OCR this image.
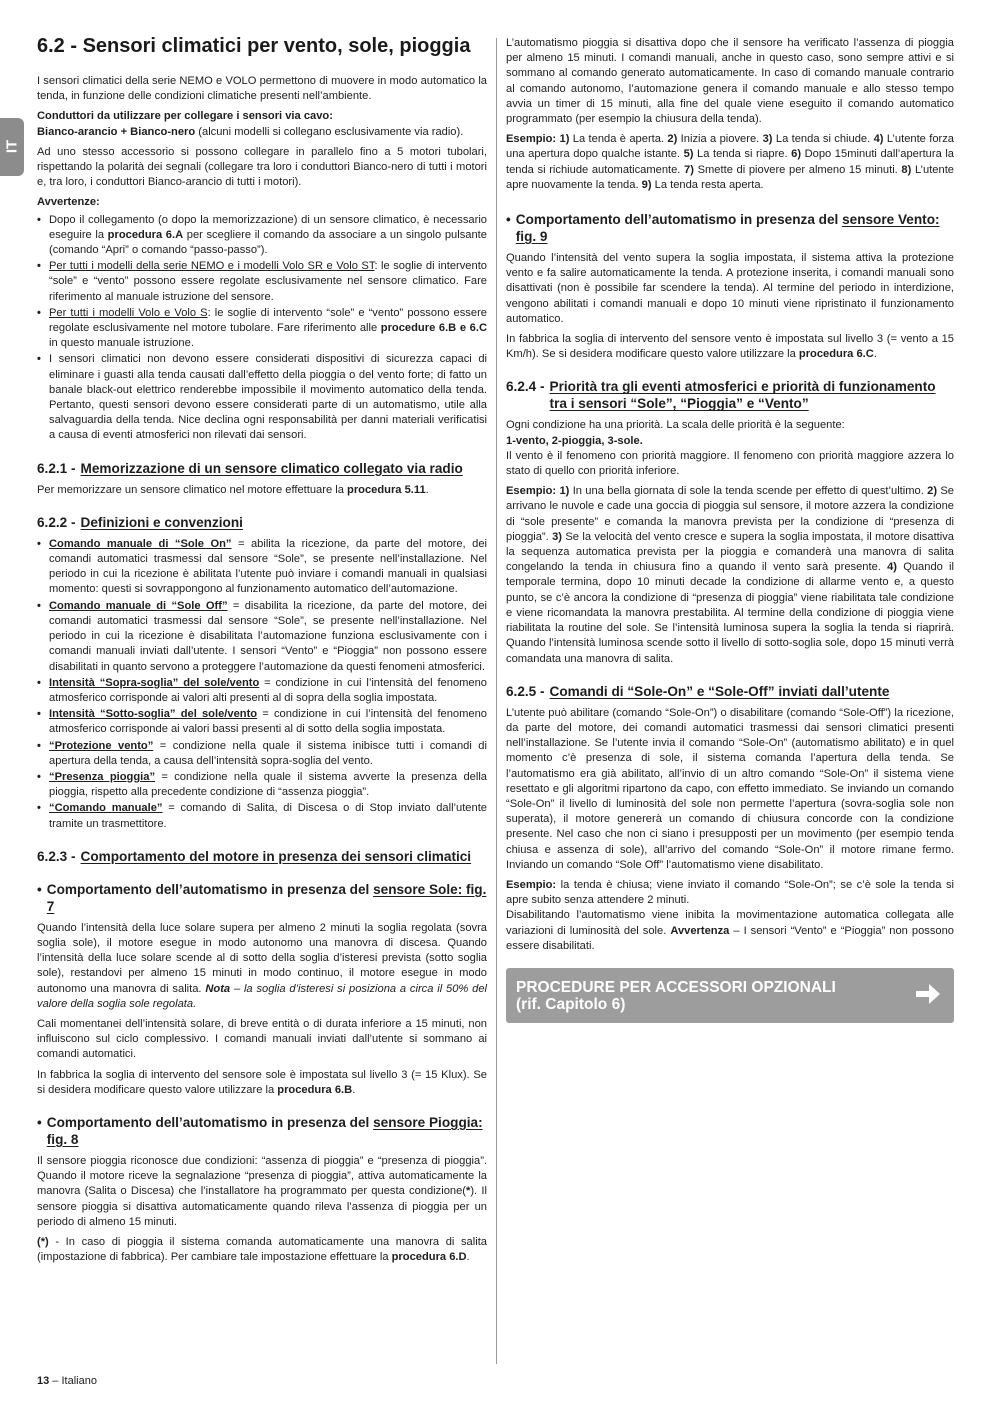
IT
6.2 - Sensori climatici per vento, sole, pioggia

I sensori climatici della serie NEMO e VOLO permettono di muovere in modo automatico la tenda, in funzione delle condizioni climatiche presenti nell’ambiente.

Conduttori da utilizzare per collegare i sensori via cavo:
Bianco-arancio + Bianco-nero (alcuni modelli si collegano esclusivamente via radio).

Ad uno stesso accessorio si possono collegare in parallelo fino a 5 motori tubolari, rispettando la polarità dei segnali (collegare tra loro i conduttori Bianco-nero di tutti i motori e, tra loro, i conduttori Bianco-arancio di tutti i motori).

Avvertenze:

• Dopo il collegamento (o dopo la memorizzazione) di un sensore climatico, è necessario eseguire la procedura 6.A per scegliere il comando da associare a un singolo pulsante (comando “Apri” o comando “passo-passo”).
• Per tutti i modelli della serie NEMO e i modelli Volo SR e Volo ST: le soglie di intervento “sole” e “vento” possono essere regolate esclusivamente nel sensore climatico. Fare riferimento al manuale istruzione del sensore.
• Per tutti i modelli Volo e Volo S: le soglie di intervento “sole” e “vento” possono essere regolate esclusivamente nel motore tubolare. Fare riferimento alle procedure 6.B e 6.C in questo manuale istruzione.
• I sensori climatici non devono essere considerati dispositivi di sicurezza capaci di eliminare i guasti alla tenda causati dall’effetto della pioggia o del vento forte; di fatto un banale black-out elettrico renderebbe impossibile il movimento automatico della tenda. Pertanto, questi sensori devono essere considerati parte di un automatismo, utile alla salvaguardia della tenda. Nice declina ogni responsabilità per danni materiali verificatisi a causa di eventi atmosferici non rilevati dai sensori.
6.2.1 - Memorizzazione di un sensore climatico collegato via radio

Per memorizzare un sensore climatico nel motore effettuare la procedura 5.11.

6.2.2 - Definizioni e convenzioni
• Comando manuale di “Sole On” = abilita la ricezione, da parte del motore, dei comandi automatici trasmessi dal sensore “Sole”, se presente nell’installazione. Nel periodo in cui la ricezione è abilitata l’utente può inviare i comandi manuali in qualsiasi momento: questi si sovrappongono al funzionamento automatico dell’automazione.
• Comando manuale di “Sole Off” = disabilita la ricezione, da parte del motore, dei comandi automatici trasmessi dal sensore “Sole”, se presente nell’installazione. Nel periodo in cui la ricezione è disabilitata l’automazione funziona esclusivamente con i comandi manuali inviati dall’utente. I sensori “Vento” e “Pioggia” non possono essere disabilitati in quanto servono a proteggere l’automazione da questi fenomeni atmosferici.
• Intensità “Sopra-soglia” del sole/vento = condizione in cui l’intensità del fenomeno atmosferico corrisponde ai valori alti presenti al di sopra della soglia impostata.
• Intensità “Sotto-soglia” del sole/vento = condizione in cui l’intensità del fenomeno atmosferico corrisponde ai valori bassi presenti al di sotto della soglia impostata.
• “Protezione vento” = condizione nella quale il sistema inibisce tutti i comandi di apertura della tenda, a causa dell’intensità sopra-soglia del vento.
• “Presenza pioggia” = condizione nella quale il sistema avverte la presenza della pioggia, rispetto alla precedente condizione di “assenza pioggia”.
• “Comando manuale” = comando di Salita, di Discesa o di Stop inviato dall’utente tramite un trasmettitore.
6.2.3 - Comportamento del motore in presenza dei sensori climatici
• Comportamento dell’automatismo in presenza del sensore Sole: fig. 7

Quando l’intensità della luce solare supera per almeno 2 minuti la soglia regolata (sovra soglia sole), il motore esegue in modo autonomo una manovra di discesa. Quando l’intensità della luce solare scende al di sotto della soglia d’isteresi prevista (sotto soglia sole), restandovi per almeno 15 minuti in modo continuo, il motore esegue in modo autonomo una manovra di salita. Nota – la soglia d’isteresi si posiziona a circa il 50% del valore della soglia sole regolata.

Cali momentanei dell’intensità solare, di breve entità o di durata inferiore a 15 minuti, non influiscono sul ciclo complessivo. I comandi manuali inviati dall’utente si sommano ai comandi automatici.

In fabbrica la soglia di intervento del sensore sole è impostata sul livello 3 (= 15 Klux). Se si desidera modificare questo valore utilizzare la procedura 6.B.

• Comportamento dell’automatismo in presenza del sensore Pioggia: fig. 8

Il sensore pioggia riconosce due condizioni: “assenza di pioggia” e “presenza di pioggia”. Quando il motore riceve la segnalazione “presenza di pioggia”, attiva automaticamente la manovra (Salita o Discesa) che l’installatore ha programmato per questa condizione(*). Il sensore pioggia si disattiva automaticamente quando rileva l’assenza di pioggia per un periodo di almeno 15 minuti.

(*) - In caso di pioggia il sistema comanda automaticamente una manovra di salita (impostazione di fabbrica). Per cambiare tale impostazione effettuare la procedura 6.D.

L’automatismo pioggia si disattiva dopo che il sensore ha verificato l’assenza di pioggia per almeno 15 minuti. I comandi manuali, anche in questo caso, sono sempre attivi e si sommano al comando generato automaticamente. In caso di comando manuale contrario al comando autonomo, l’automazione genera il comando manuale e allo stesso tempo avvia un timer di 15 minuti, alla fine del quale viene eseguito il comando automatico programmato (per esempio la chiusura della tenda).

Esempio: 1) La tenda è aperta. 2) Inizia a piovere. 3) La tenda si chiude. 4) L’utente forza una apertura dopo qualche istante. 5) La tenda si riapre. 6) Dopo 15minuti dall’apertura la tenda si richiude automaticamente. 7) Smette di piovere per almeno 15 minuti. 8) L’utente apre nuovamente la tenda. 9) La tenda resta aperta.

• Comportamento dell’automatismo in presenza del sensore Vento: fig. 9

Quando l’intensità del vento supera la soglia impostata, il sistema attiva la protezione vento e fa salire automaticamente la tenda. A protezione inserita, i comandi manuali sono disattivati (non è possibile far scendere la tenda). Al termine del periodo in interdizione, vengono abilitati i comandi manuali e dopo 10 minuti viene ripristinato il funzionamento automatico.

In fabbrica la soglia di intervento del sensore vento è impostata sul livello 3 (= vento a 15 Km/h). Se si desidera modificare questo valore utilizzare la procedura 6.C.

6.2.4 - Priorità tra gli eventi atmosferici e priorità di funzionamento tra i sensori “Sole”, “Pioggia” e “Vento”

Ogni condizione ha una priorità. La scala delle priorità è la seguente:
1-vento, 2-pioggia, 3-sole.
Il vento è il fenomeno con priorità maggiore. Il fenomeno con priorità maggiore azzera lo stato di quello con priorità inferiore.

Esempio: 1) In una bella giornata di sole la tenda scende per effetto di quest’ultimo. 2) Se arrivano le nuvole e cade una goccia di pioggia sul sensore, il motore azzera la condizione di “sole presente” e comanda la manovra prevista per la condizione di “presenza di pioggia”. 3) Se la velocità del vento cresce e supera la soglia impostata, il motore disattiva la sequenza automatica prevista per la pioggia e comanderà una manovra di salita congelando la tenda in chiusura fino a quando il vento sarà presente. 4) Quando il temporale termina, dopo 10 minuti decade la condizione di allarme vento e, a questo punto, se c’è ancora la condizione di “presenza di pioggia” viene riabilitata tale condizione e viene ricomandata la manovra prestabilita. Al termine della condizione di pioggia viene riabilitata la routine del sole. Se l’intensità luminosa supera la soglia la tenda si riaprirà. Quando l’intensità luminosa scende sotto il livello di sotto-soglia sole, dopo 15 minuti verrà comandata una manovra di salita.

6.2.5 - Comandi di “Sole-On” e “Sole-Off” inviati dall’utente

L’utente può abilitare (comando “Sole-On”) o disabilitare (comando “Sole-Off”) la ricezione, da parte del motore, dei comandi automatici trasmessi dai sensori climatici presenti nell’installazione. Se l’utente invia il comando “Sole-On” (automatismo abilitato) e in quel momento c’è presenza di sole, il sistema comanda l’apertura della tenda. Se l’automatismo era già abilitato, all’invio di un altro comando “Sole-On” il sistema viene resettato e gli algoritmi ripartono da capo, con effetto immediato. Se inviando un comando “Sole-On” il livello di luminosità del sole non permette l’apertura (sovra-soglia sole non superata), il motore genererà un comando di chiusura concorde con la condizione presente. Nel caso che non ci siano i presupposti per un movimento (per esempio tenda chiusa e assenza di sole), all’arrivo del comando “Sole-On” il motore rimane fermo. Inviando un comando “Sole Off” l’automatismo viene disabilitato.

Esempio: la tenda è chiusa; viene inviato il comando “Sole-On”; se c’è sole la tenda si apre subito senza attendere 2 minuti.

Disabilitando l’automatismo viene inibita la movimentazione automatica collegata alle variazioni di luminosità del sole. Avvertenza – I sensori “Vento” e “Pioggia” non possono essere disabilitati.

PROCEDURE PER ACCESSORI OPZIONALI
(rif. Capitolo 6)
13 – Italiano
